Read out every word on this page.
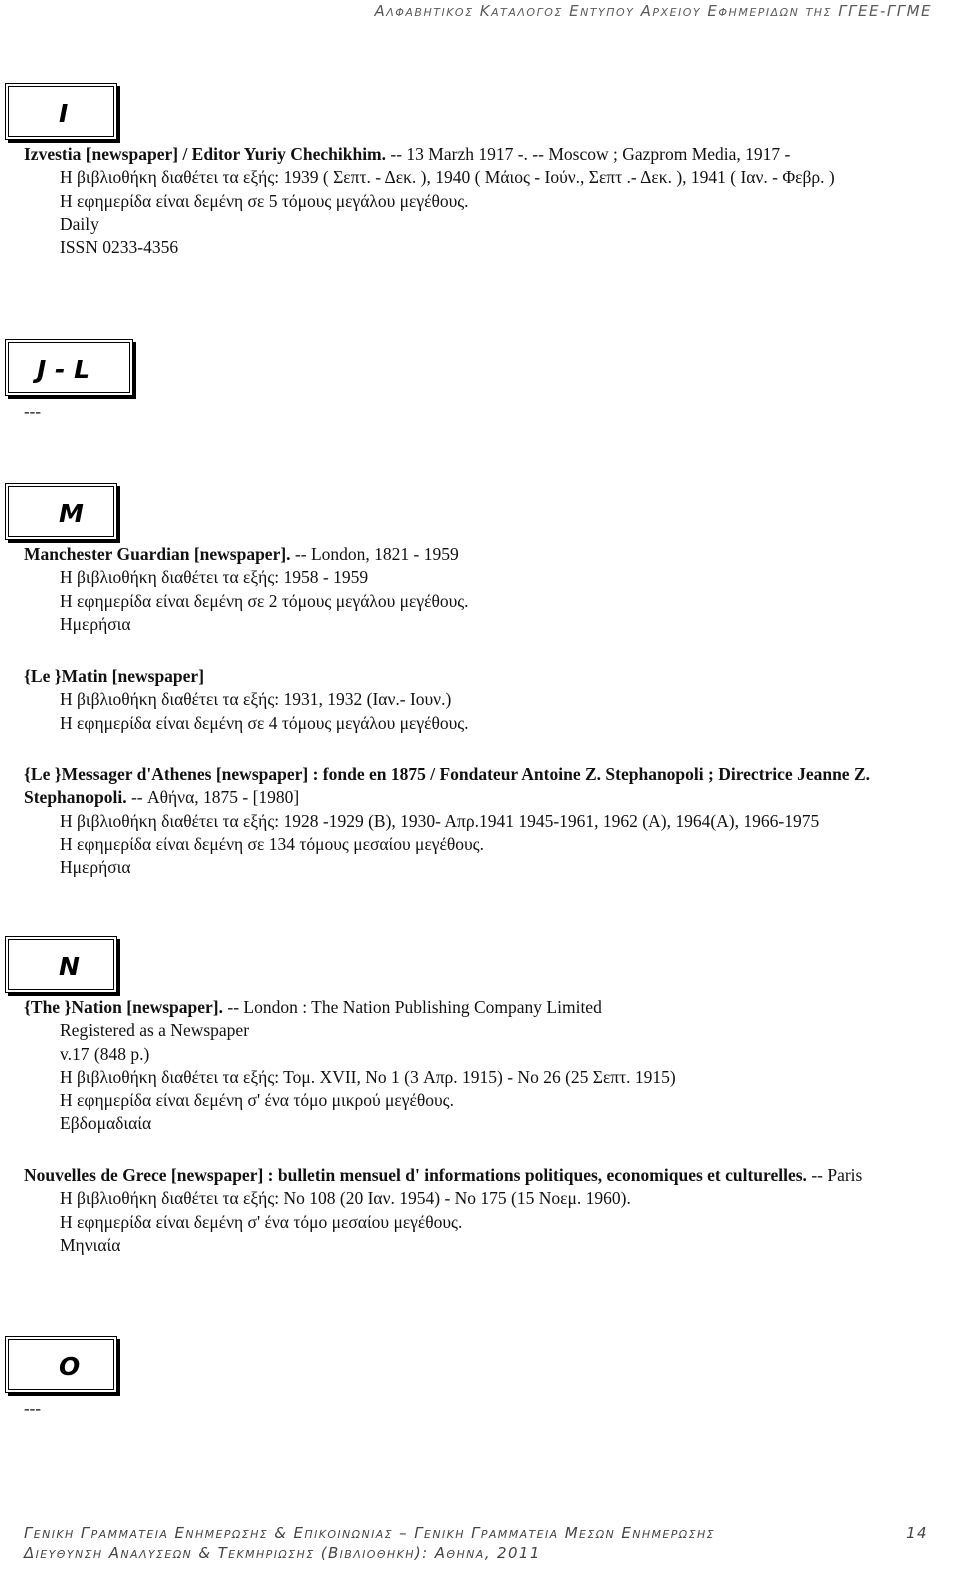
Αλφαβητικος Καταλογος Εντυπου Αρχειου Εφημεριδων της ΓΓΕΕ-ΓΓΜΕ
I
Izvestia [newspaper] / Editor Yuriy Chechikhim. -- 13 Marzh 1917 -. -- Moscow ; Gazprom Media, 1917 -
Η βιβλιοθήκη διαθέτει τα εξής: 1939 ( Σεπτ. - Δεκ. ), 1940 ( Μάιος - Ιούν., Σεπτ .- Δεκ. ), 1941 ( Ιαν. - Φεβρ. )
Η εφημερίδα είναι δεμένη σε 5 τόμους μεγάλου μεγέθους.
Daily
ISSN 0233-4356
J - L
---
M
Manchester Guardian [newspaper]. -- London, 1821 - 1959
Η βιβλιοθήκη διαθέτει τα εξής: 1958 - 1959
Η εφημερίδα είναι δεμένη σε 2 τόμους μεγάλου μεγέθους.
Ημερήσια
{Le }Matin [newspaper]
Η βιβλιοθήκη διαθέτει τα εξής: 1931, 1932 (Ιαν.- Ιουν.)
Η εφημερίδα είναι δεμένη σε 4 τόμους μεγάλου μεγέθους.
{Le }Messager d'Athenes [newspaper] : fonde en 1875 / Fondateur Antoine Z. Stephanopoli ; Directrice Jeanne Z. Stephanopoli. -- Αθήνα, 1875 - [1980]
Η βιβλιοθήκη διαθέτει τα εξής: 1928 -1929 (Β), 1930- Απρ.1941 1945-1961, 1962 (Α), 1964(Α), 1966-1975
Η εφημερίδα είναι δεμένη σε 134 τόμους μεσαίου μεγέθους.
Ημερήσια
N
{The }Nation [newspaper]. -- London : The Nation Publishing Company Limited
Registered as a Newspaper
v.17 (848 p.)
Η βιβλιοθήκη διαθέτει τα εξής: Τομ. XVII, No 1 (3 Απρ. 1915) - No 26 (25 Σεπτ. 1915)
Η εφημερίδα είναι δεμένη σ' ένα τόμο μικρού μεγέθους.
Εβδομαδιαία
Nouvelles de Grece [newspaper] : bulletin mensuel d' informations politiques, economiques et culturelles. -- Paris
Η βιβλιοθήκη διαθέτει τα εξής: No 108 (20 Ιαν. 1954) - No 175 (15 Νοεμ. 1960).
Η εφημερίδα είναι δεμένη σ' ένα τόμο μεσαίου μεγέθους.
Μηνιαία
O
---
Γενικη Γραμματεια Ενημερωσης & Επικοινωνιας – Γενικη Γραμματεια Μεσων Ενημερωσης
Διευθυνση Αναλυσεων & Τεκμηριωσης (Βιβλιοθηκη): Αθηνα, 2011
14
